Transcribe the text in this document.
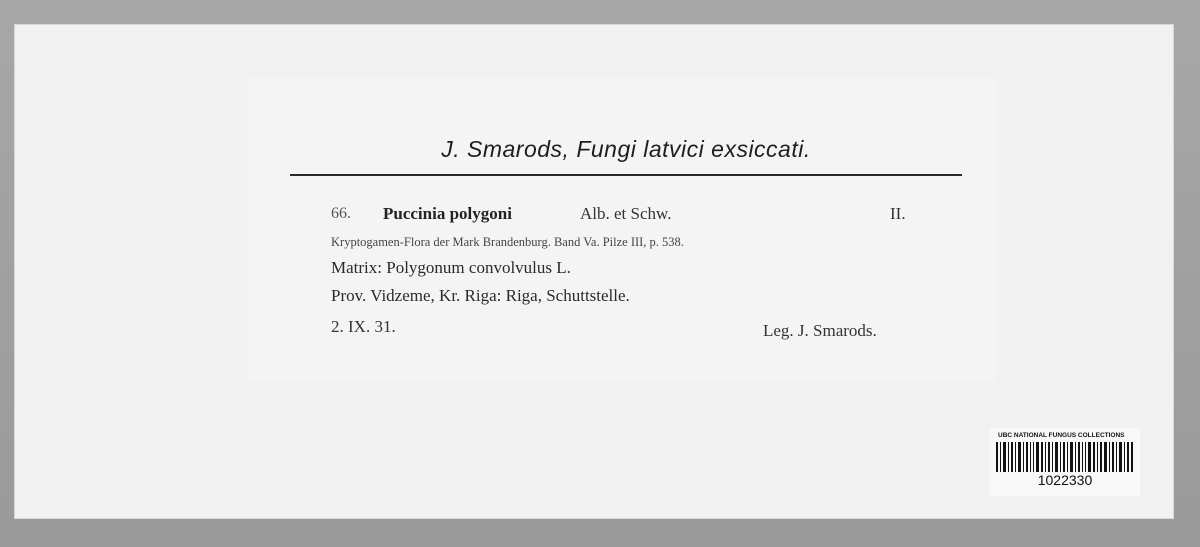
J. Smarods, Fungi latvici exsiccati.
66. Puccinia polygoni	Alb. et Schw.	II.
Kryptogamen-Flora der Mark Brandenburg. Band Va. Pilze III, p. 538.
Matrix: Polygonum convolvulus L.
Prov. Vidzeme, Kr. Riga: Riga, Schuttstelle.
2. IX. 31.	Leg. J. Smarods.
UBC NATIONAL FUNGUS COLLECTIONS
1022330
